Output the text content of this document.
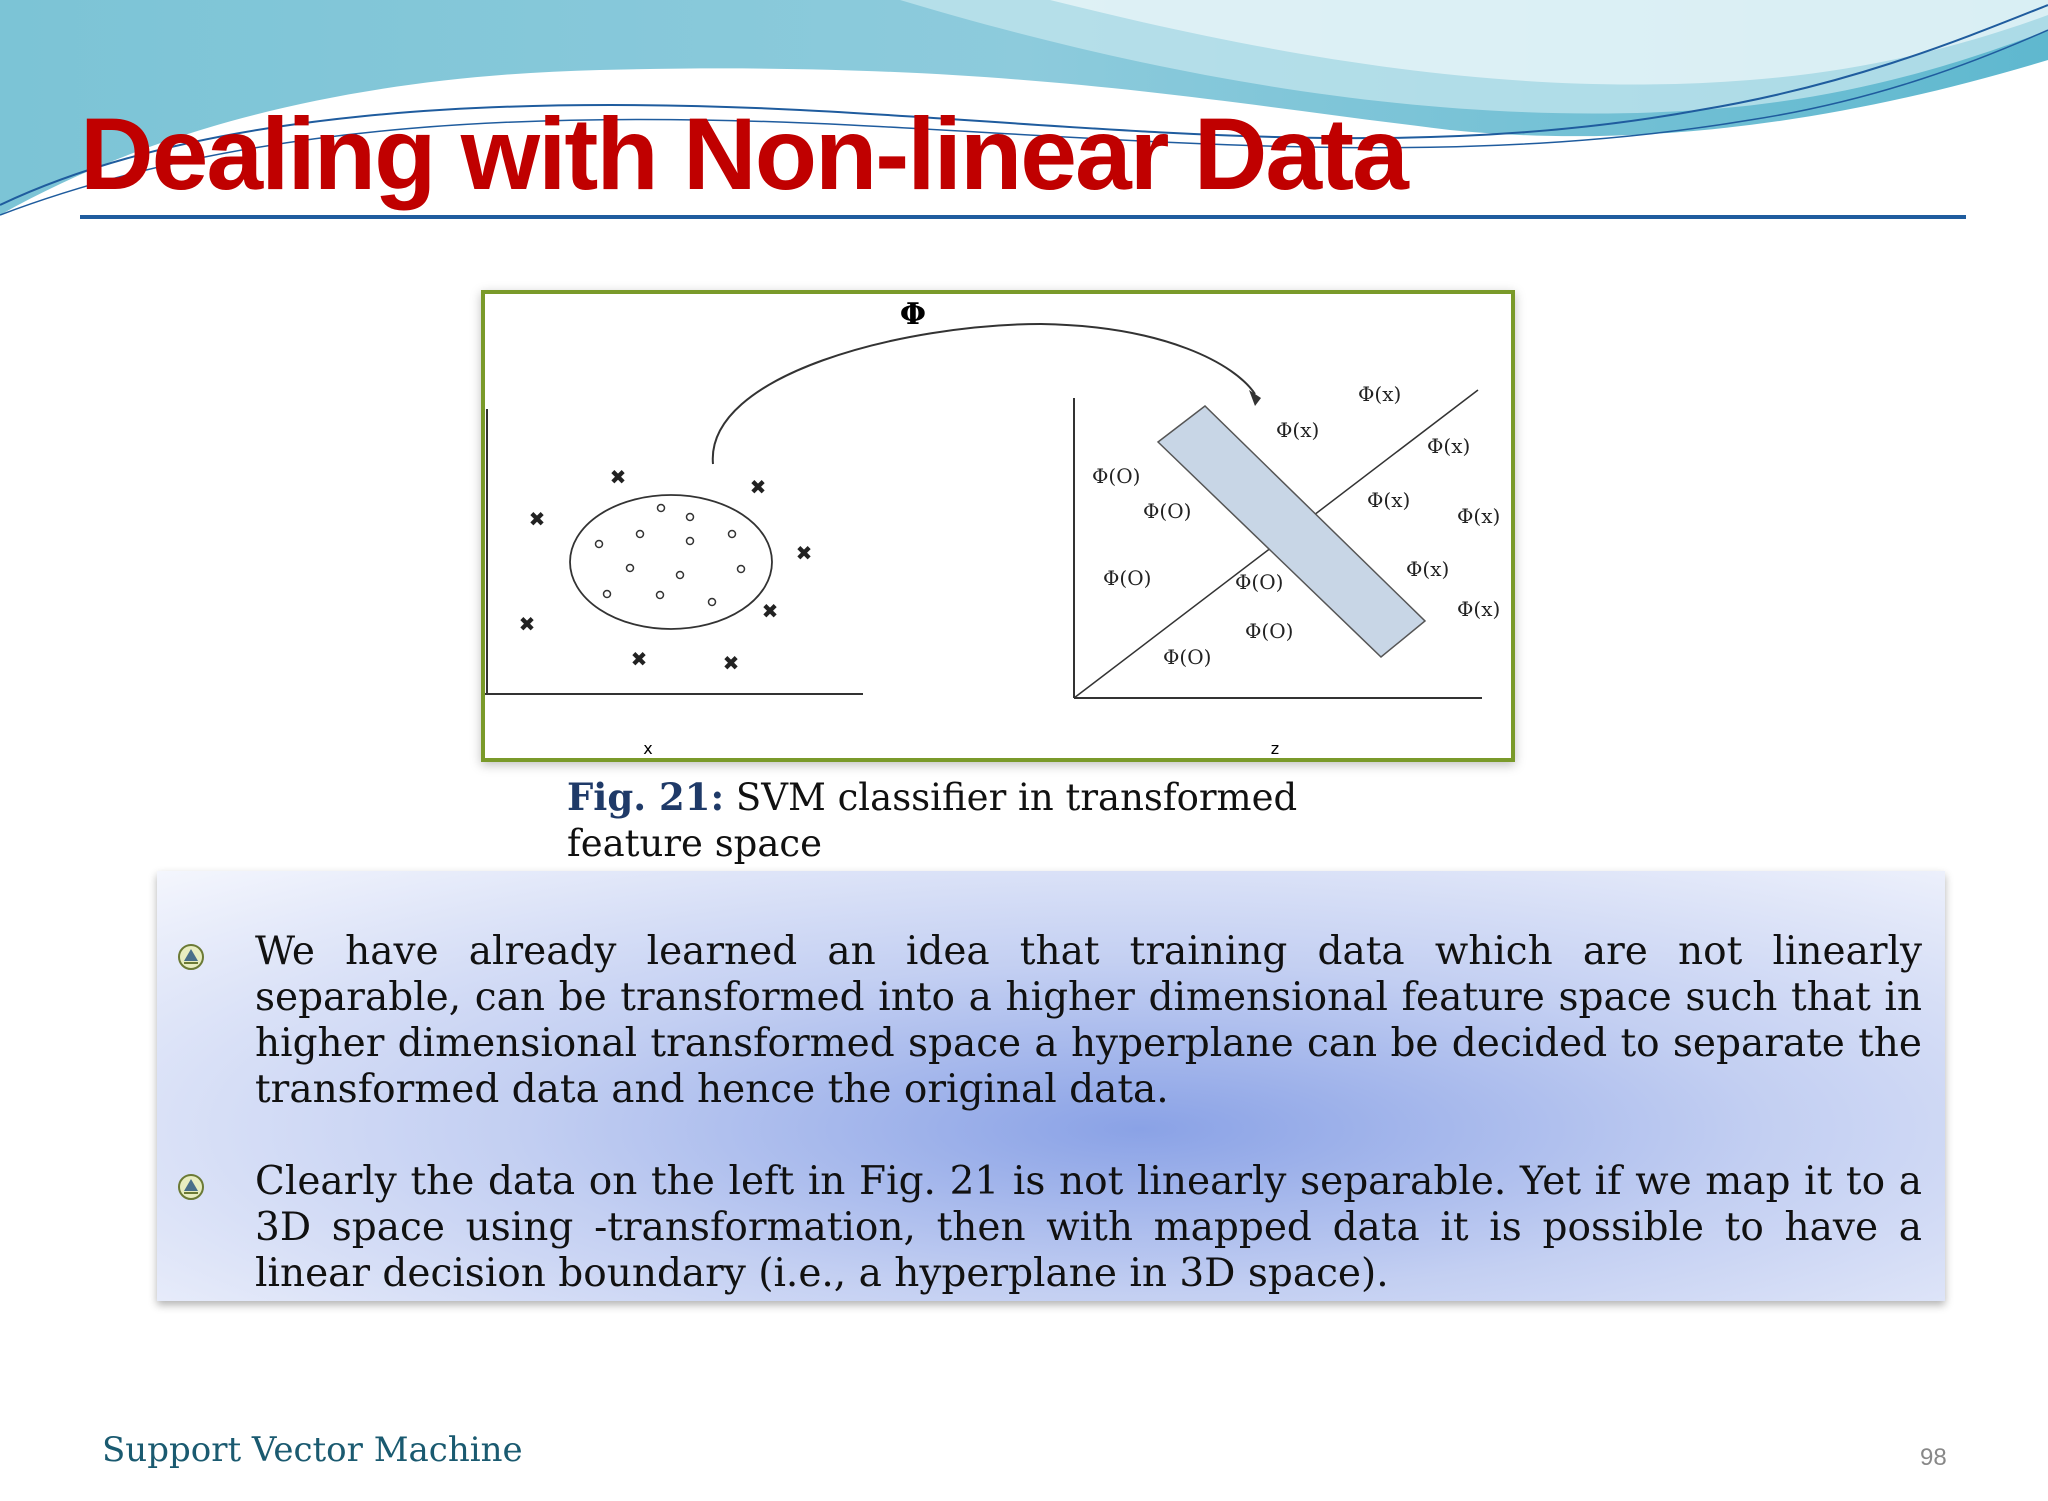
Dealing with Non-linear Data
Φ
✖	✖
✖
✖
✖
✖
✖	✖
x
Φ(O)
Φ(O)
Φ(O)	Φ(O)
Φ(O)
Φ(O)
Φ(x)
Φ(x)
Φ(x)
Φ(x)
Φ(x)
Φ(x)
Φ(x)
z
Fig. 21: SVM classifier in transformed feature space

We have already learned an idea that training data which are not linearly separable, can be transformed into a higher dimensional feature space such that in higher dimensional transformed space a hyperplane can be decided to separate the transformed data and hence the original data.

Clearly the data on the left in Fig. 21 is not linearly separable. Yet if we map it to a 3D space using -transformation, then with mapped data it is possible to have a linear decision boundary (i.e., a hyperplane in 3D space).

Support Vector Machine	98
